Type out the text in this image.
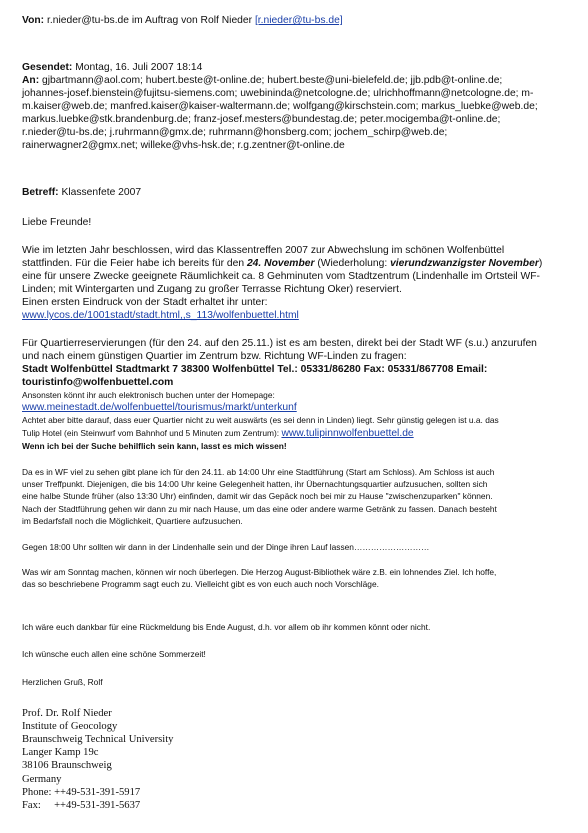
Von: r.nieder@tu-bs.de im Auftrag von Rolf Nieder [r.nieder@tu-bs.de]

Gesendet: Montag, 16. Juli 2007 18:14

An: gjbartmann@aol.com; hubert.beste@t-online.de; hubert.beste@uni-bielefeld.de; jjb.pdb@t-online.de;

johannes-josef.bienstein@fujitsu-siemens.com; uwebininda@netcologne.de; ulrichhoffmann@netcologne.de; m-

m.kaiser@web.de; manfred.kaiser@kaiser-waltermann.de; wolfgang@kirschstein.com; markus_luebke@web.de;

markus.luebke@stk.brandenburg.de; franz-josef.mesters@bundestag.de; peter.mocigemba@t-online.de;

r.nieder@tu-bs.de; j.ruhrmann@gmx.de; ruhrmann@honsberg.com; jochem_schirp@web.de;

rainerwagner2@gmx.net; willeke@vhs-hsk.de; r.g.zentner@t-online.de

Betreff: Klassenfete 2007

Liebe Freunde!

Wie im letzten Jahr beschlossen, wird das Klassentreffen 2007 zur Abwechslung im schönen Wolfenbüttel

stattfinden. Für die Feier habe ich bereits für den 24. November (Wiederholung: vierundzwanzigster November)

eine für unsere Zwecke geeignete Räumlichkeit ca. 8 Gehminuten vom Stadtzentrum (Lindenhalle im Ortsteil WF-

Linden; mit Wintergarten und Zugang zu großer Terrasse Richtung Oker) reserviert.

Einen ersten Eindruck von der Stadt erhaltet ihr unter:

www.lycos.de/1001stadt/stadt.html,,s_113/wolfenbuettel.html

Für Quartierreservierungen (für den 24. auf den 25.11.) ist es am besten, direkt bei der Stadt WF (s.u.) anzurufen

und nach einem günstigen Quartier im Zentrum bzw. Richtung WF-Linden zu fragen:

Stadt Wolfenbüttel Stadtmarkt 7 38300 Wolfenbüttel Tel.: 05331/86280 Fax: 05331/867708 Email:

touristinfo@wolfenbuettel.com

Ansonsten könnt ihr auch elektronisch buchen unter der Homepage:

www.meinestadt.de/wolfenbuettel/tourismus/markt/unterkunf

Achtet aber bitte darauf, dass euer Quartier nicht zu weit auswärts (es sei denn in Linden) liegt. Sehr günstig gelegen ist u.a. das

Tulip Hotel (ein Steinwurf vom Bahnhof und 5 Minuten zum Zentrum): www.tulipinnwolfenbuettel.de

Wenn ich bei der Suche behilflich sein kann, lasst es mich wissen!

Da es in WF viel zu sehen gibt plane ich für den 24.11. ab 14:00 Uhr eine Stadtführung (Start am Schloss). Am Schloss ist auch

unser Treffpunkt. Diejenigen, die bis 14:00 Uhr keine Gelegenheit hatten, ihr Übernachtungsquartier aufzusuchen, sollten sich

eine halbe Stunde früher (also 13:30 Uhr) einfinden, damit wir das Gepäck noch bei mir zu Hause "zwischenzuparken" können.

Nach der Stadtführung gehen wir dann zu mir nach Hause, um das eine oder andere warme Getränk zu fassen. Danach besteht

im Bedarfsfall noch die Möglichkeit, Quartiere aufzusuchen.

Gegen 18:00 Uhr sollten wir dann in der Lindenhalle sein und der Dinge ihren Lauf lassen………………………

Was wir am Sonntag machen, können wir noch überlegen. Die Herzog August-Bibliothek wäre z.B. ein lohnendes Ziel. Ich hoffe,

das so beschriebene Programm sagt euch zu. Vielleicht gibt es von euch auch noch Vorschläge.

Ich wäre euch dankbar für eine Rückmeldung bis Ende August, d.h. vor allem ob ihr kommen könnt oder nicht.

Ich wünsche euch allen eine schöne Sommerzeit!

Herzlichen Gruß, Rolf

Prof. Dr. Rolf Nieder

Institute of Geocology

Braunschweig Technical University

Langer Kamp 19c

38106 Braunschweig

Germany

Phone: ++49-531-391-5917

Fax:     ++49-531-391-5637
